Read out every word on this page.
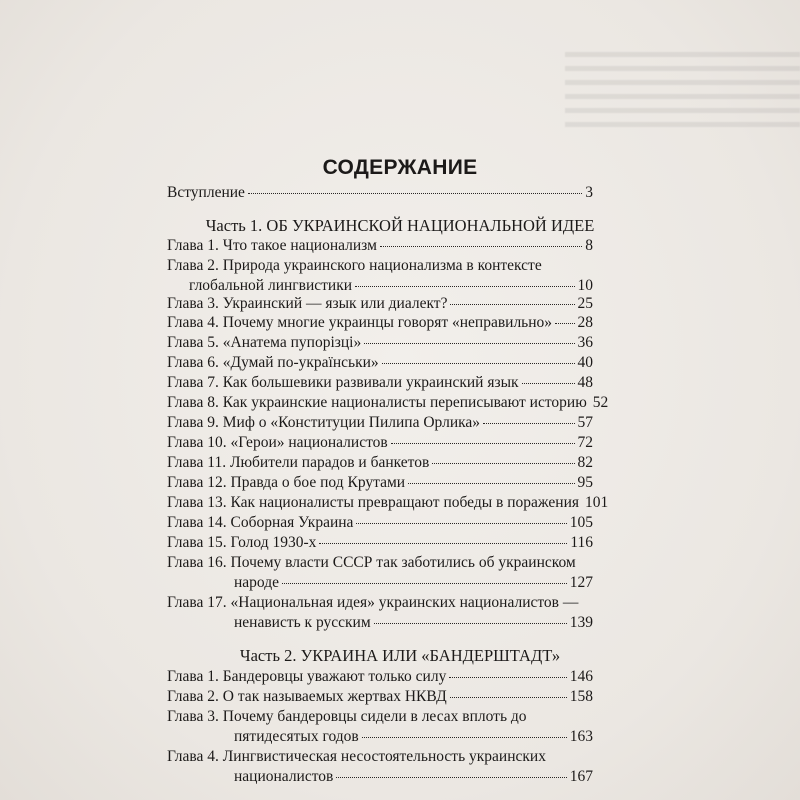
СОДЕРЖАНИЕ
Вступление	3
Часть 1. ОБ УКРАИНСКОЙ НАЦИОНАЛЬНОЙ ИДЕЕ
Глава 1. Что такое национализм	8
Глава 2. Природа украинского национализма в контексте
глобальной лингвистики	10
Глава 3. Украинский — язык или диалект?	25
Глава 4. Почему многие украинцы говорят «неправильно» 28
Глава 5. «Анатема пупорізці»	36
Глава 6. «Думай по-українськи»	40
Глава 7. Как большевики развивали украинский язык	48
Глава 8. Как украинские националисты переписывают историю 52
Глава 9. Миф о «Конституции Пилипа Орлика»	57
Глава 10. «Герои» националистов	72
Глава 11. Любители парадов и банкетов	82
Глава 12. Правда о бое под Крутами	95
Глава 13. Как националисты превращают победы в поражения 101
Глава 14. Соборная Украина	105
Глава 15. Голод 1930-х	116
Глава 16. Почему власти СССР так заботились об украинском
народе	127
Глава 17. «Национальная идея» украинских националистов —
ненависть к русским	139
Часть 2. УКРАИНА ИЛИ «БАНДЕРШТАДТ»
Глава 1. Бандеровцы уважают только силу	146
Глава 2. О так называемых жертвах НКВД	158
Глава 3. Почему бандеровцы сидели в лесах вплоть до
пятидесятых годов	163
Глава 4. Лингвистическая несостоятельность украинских
националистов	167
